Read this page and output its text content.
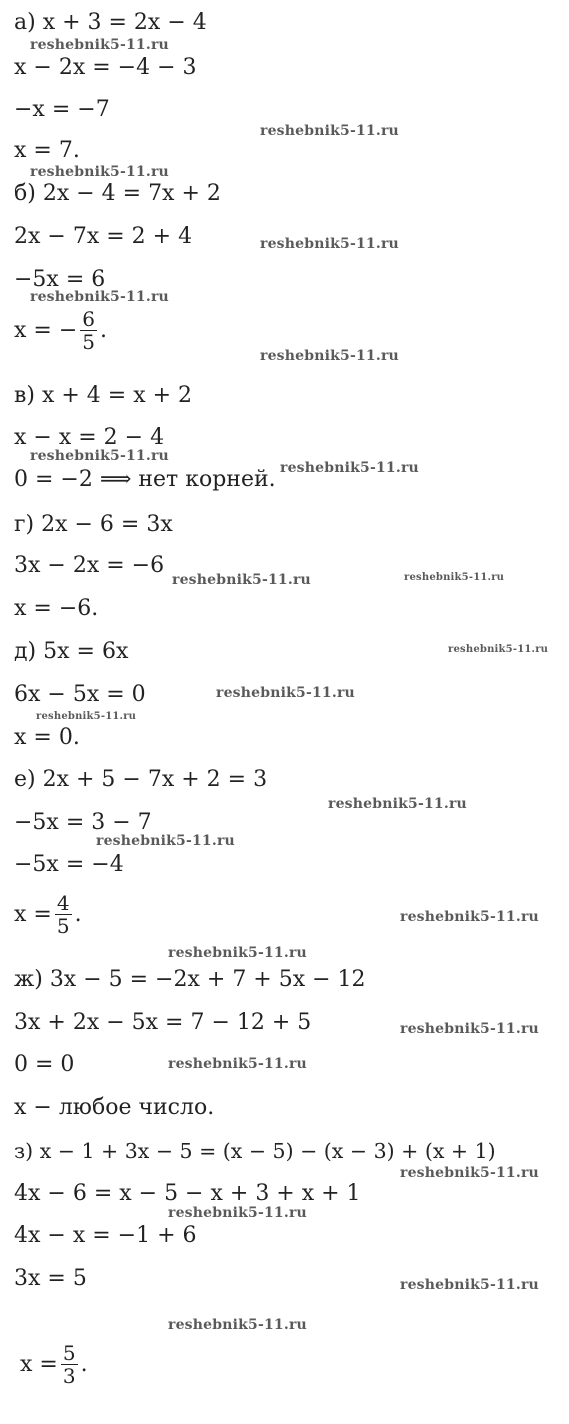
а) x + 3 = 2x − 4
x − 2x = −4 − 3
−x = −7
x = 7.
б) 2x − 4 = 7x + 2
2x − 7x = 2 + 4
−5x = 6
x = − $\frac{6}{5}$ .
в) x + 4 = x + 2
x − x = 2 − 4
0 = −2 ⟹ нет корней.
г) 2x − 6 = 3x
3x − 2x = −6
x = −6.
д) 5x = 6x
6x − 5x = 0
x = 0.
е) 2x + 5 − 7x + 2 = 3
−5x = 3 − 7
−5x = −4
$x = \frac{4}{5}$ .
ж) 3x − 5 = −2x + 7 + 5x − 12
3x + 2x − 5x = 7 − 12 + 5
0 = 0
x − любое число.
з) x − 1 + 3x − 5 = (x − 5) − (x − 3) + (x + 1)
4x − 6 = x − 5 − x + 3 + x + 1
4x − x = −1 + 6
3x = 5
$x = \frac{5}{3}$ .
reshebnik5-11.ru
reshebnik5-11.ru
reshebnik5-11.ru
reshebnik5-11.ru
reshebnik5-11.ru
reshebnik5-11.ru
reshebnik5-11.ru
reshebnik5-11.ru
reshebnik5-11.ru	reshebnik5-11.ru
reshebnik5-11.ru
reshebnik5-11.ru
reshebnik5-11.ru
reshebnik5-11.ru
reshebnik5-11.ru
reshebnik5-11.ru
reshebnik5-11.ru
reshebnik5-11.ru
reshebnik5-11.ru
reshebnik5-11.ru
reshebnik5-11.ru
reshebnik5-11.ru
reshebnik5-11.ru
